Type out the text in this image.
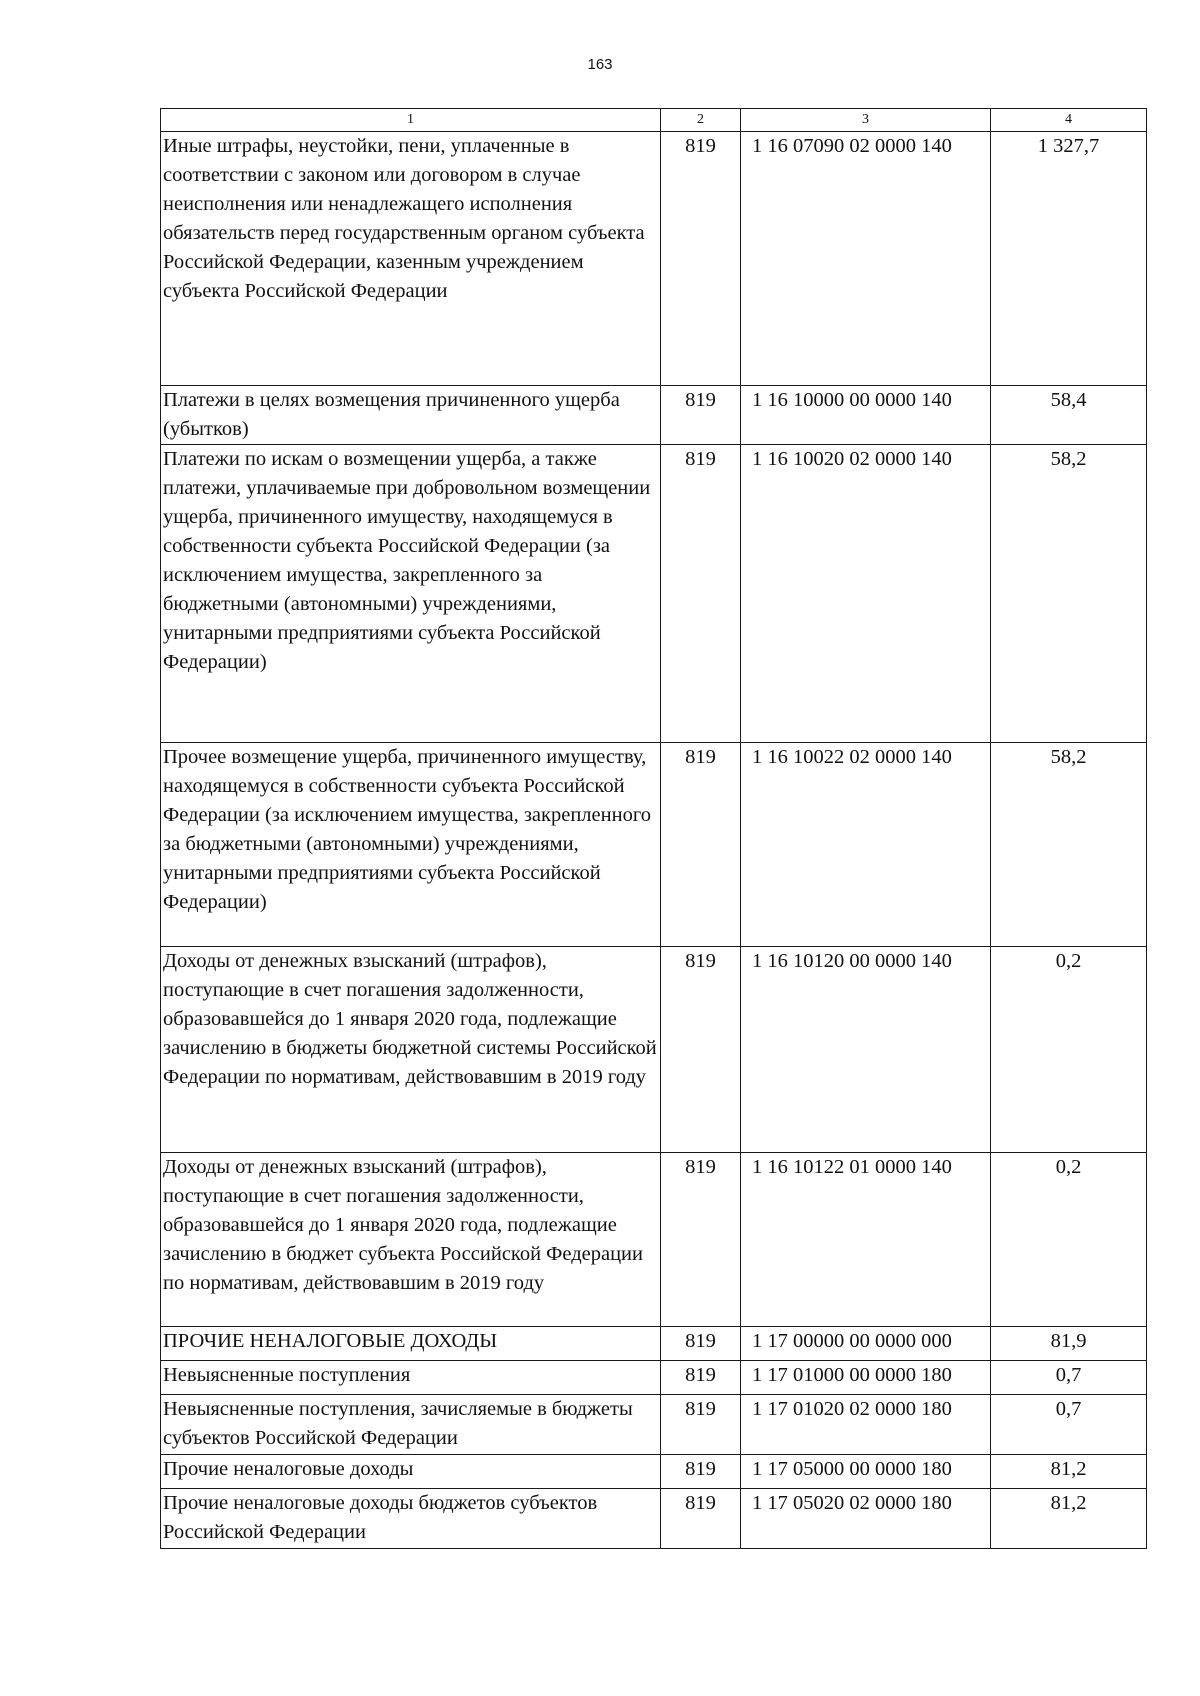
163
1	2	3	4
Иные штрафы, неустойки, пени, уплаченные в соответствии с законом или договором в случае неисполнения или ненадлежащего исполнения обязательств перед государственным органом субъекта Российской Федерации, казенным учреждением субъекта Российской Федерации	819	1 16 07090 02 0000 140	1 327,7
Платежи в целях возмещения причиненного ущерба (убытков)	819	1 16 10000 00 0000 140	58,4
Платежи по искам о возмещении ущерба, а также платежи, уплачиваемые при добровольном возмещении ущерба, причиненного имуществу, находящемуся в собственности субъекта Российской Федерации (за исключением имущества, закрепленного за бюджетными (автономными) учреждениями, унитарными предприятиями субъекта Российской Федерации)	819	1 16 10020 02 0000 140	58,2
Прочее возмещение ущерба, причиненного имуществу, находящемуся в собственности субъекта Российской Федерации (за исключением имущества, закрепленного за бюджетными (автономными) учреждениями, унитарными предприятиями субъекта Российской Федерации)	819	1 16 10022 02 0000 140	58,2
Доходы от денежных взысканий (штрафов), поступающие в счет погашения задолженности, образовавшейся до 1 января 2020 года, подлежащие зачислению в бюджеты бюджетной системы Российской Федерации по нормативам, действовавшим в 2019 году	819	1 16 10120 00 0000 140	0,2
Доходы от денежных взысканий (штрафов), поступающие в счет погашения задолженности, образовавшейся до 1 января 2020 года, подлежащие зачислению в бюджет субъекта Российской Федерации по нормативам, действовавшим в 2019 году	819	1 16 10122 01 0000 140	0,2
ПРОЧИЕ НЕНАЛОГОВЫЕ ДОХОДЫ	819	1 17 00000 00 0000 000	81,9
Невыясненные поступления	819	1 17 01000 00 0000 180	0,7
Невыясненные поступления, зачисляемые в бюджеты субъектов Российской Федерации	819	1 17 01020 02 0000 180	0,7
Прочие неналоговые доходы	819	1 17 05000 00 0000 180	81,2
Прочие неналоговые доходы бюджетов субъектов Российской Федерации	819	1 17 05020 02 0000 180	81,2
